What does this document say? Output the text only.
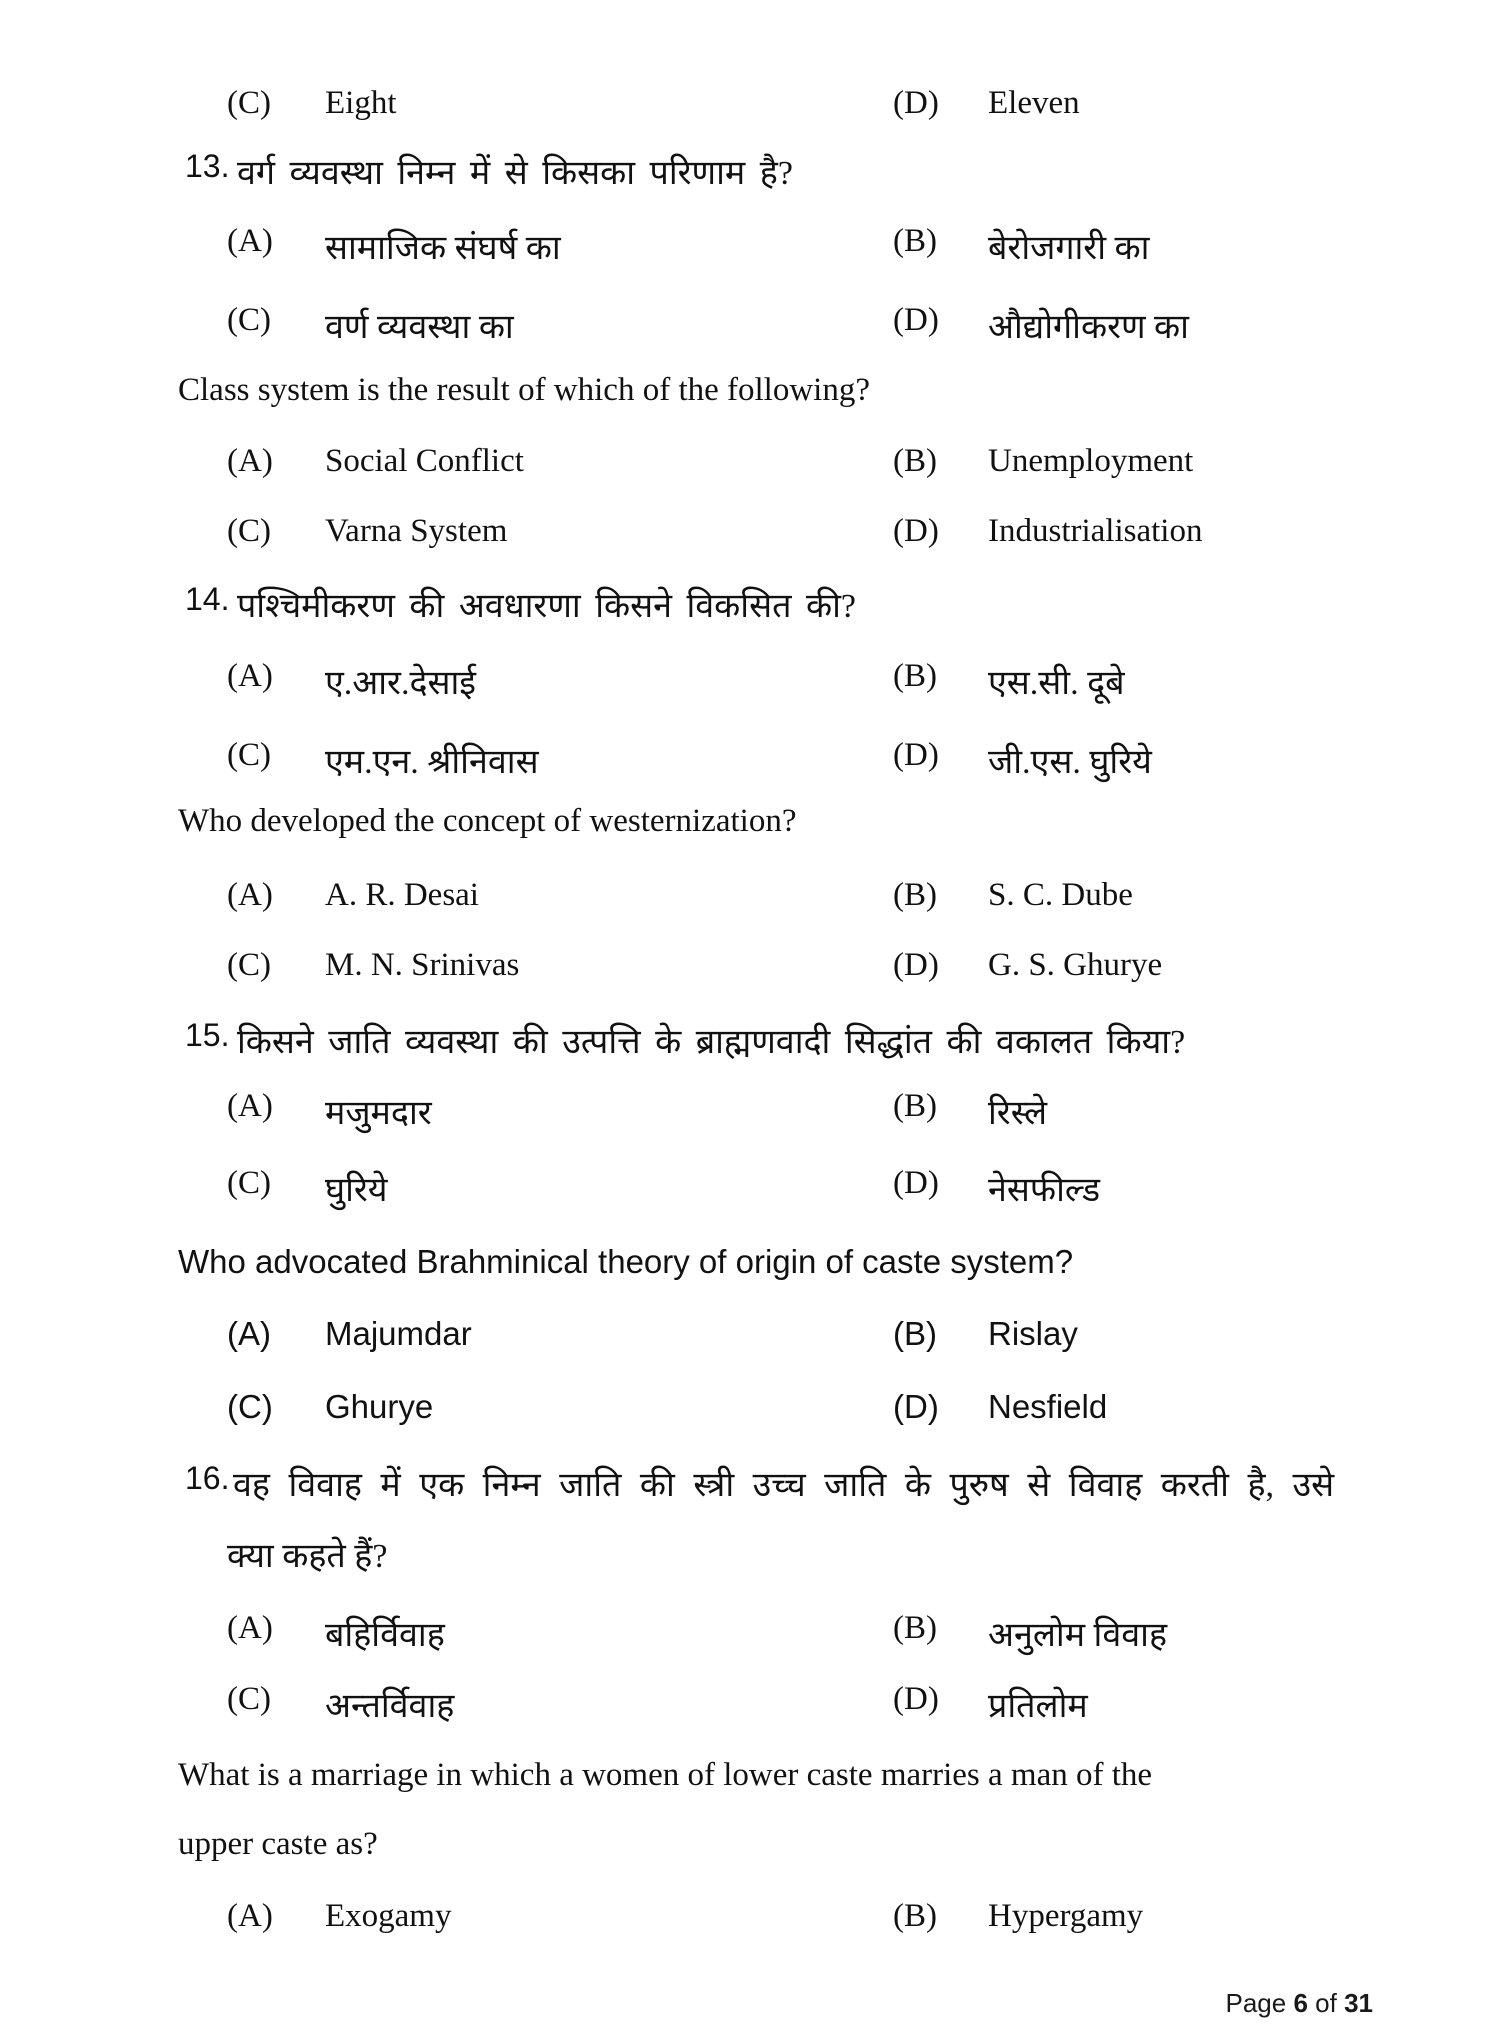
(C) Eight	(D) Eleven
13. वर्ग व्यवस्था निम्न में से किसका परिणाम है?
(A) सामाजिक संघर्ष का	(B) बेरोजगारी का
(C) वर्ण व्यवस्था का	(D) औद्योगीकरण का
Class system is the result of which of the following?
(A) Social Conflict	(B) Unemployment
(C) Varna System	(D) Industrialisation
14. पश्चिमीकरण की अवधारणा किसने विकसित की?
(A) ए.आर.देसाई	(B) एस.सी. दूबे
(C) एम.एन. श्रीनिवास	(D) जी.एस. घुरिये
Who developed the concept of westernization?
(A) A. R. Desai	(B) S. C. Dube
(C) M. N. Srinivas	(D) G. S. Ghurye
15. किसने जाति व्यवस्था की उत्पत्ति के ब्राह्मणवादी सिद्धांत की वकालत किया?
(A) मजुमदार	(B) रिस्ले
(C) घुरिये	(D) नेसफील्ड
Who advocated Brahminical theory of origin of caste system?
(A) Majumdar	(B) Rislay
(C) Ghurye	(D) Nesfield
16. वह विवाह में एक निम्न जाति की स्त्री उच्च जाति के पुरुष से विवाह करती है, उसे
क्या कहते हैं?
(A) बहिर्विवाह	(B) अनुलोम विवाह
(C) अन्तर्विवाह	(D) प्रतिलोम
What is a marriage in which a women of lower caste marries a man of the
upper caste as?
(A) Exogamy	(B) Hypergamy
Page 6 of 31
